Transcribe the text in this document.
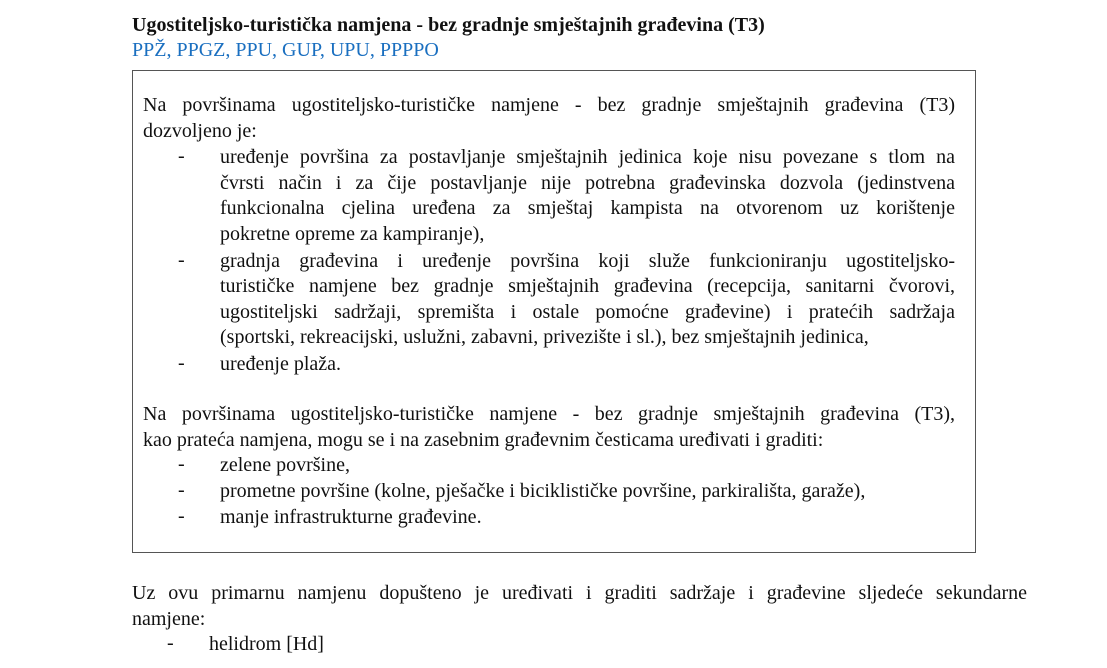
Ugostiteljsko-turistička namjena - bez gradnje smještajnih građevina (T3)
PPŽ, PPGZ, PPU, GUP, UPU, PPPPO
Na površinama ugostiteljsko-turističke namjene - bez gradnje smještajnih građevina (T3)
dozvoljeno je:
- uređenje površina za postavljanje smještajnih jedinica koje nisu povezane s tlom na
čvrsti način i za čije postavljanje nije potrebna građevinska dozvola (jedinstvena
funkcionalna cjelina uređena za smještaj kampista na otvorenom uz korištenje
pokretne opreme za kampiranje),
- gradnja građevina i uređenje površina koji služe funkcioniranju ugostiteljsko-
turističke namjene bez gradnje smještajnih građevina (recepcija, sanitarni čvorovi,
ugostiteljski sadržaji, spremišta i ostale pomoćne građevine) i pratećih sadržaja
(sportski, rekreacijski, uslužni, zabavni, privezište i sl.), bez smještajnih jedinica,
- uređenje plaža.
Na površinama ugostiteljsko-turističke namjene - bez gradnje smještajnih građevina (T3),
kao prateća namjena, mogu se i na zasebnim građevnim česticama uređivati i graditi:
- zelene površine,
- prometne površine (kolne, pješačke i biciklističke površine, parkirališta, garaže),
- manje infrastrukturne građevine.
Uz ovu primarnu namjenu dopušteno je uređivati i graditi sadržaje i građevine sljedeće sekundarne
namjene:
- helidrom [Hd]
